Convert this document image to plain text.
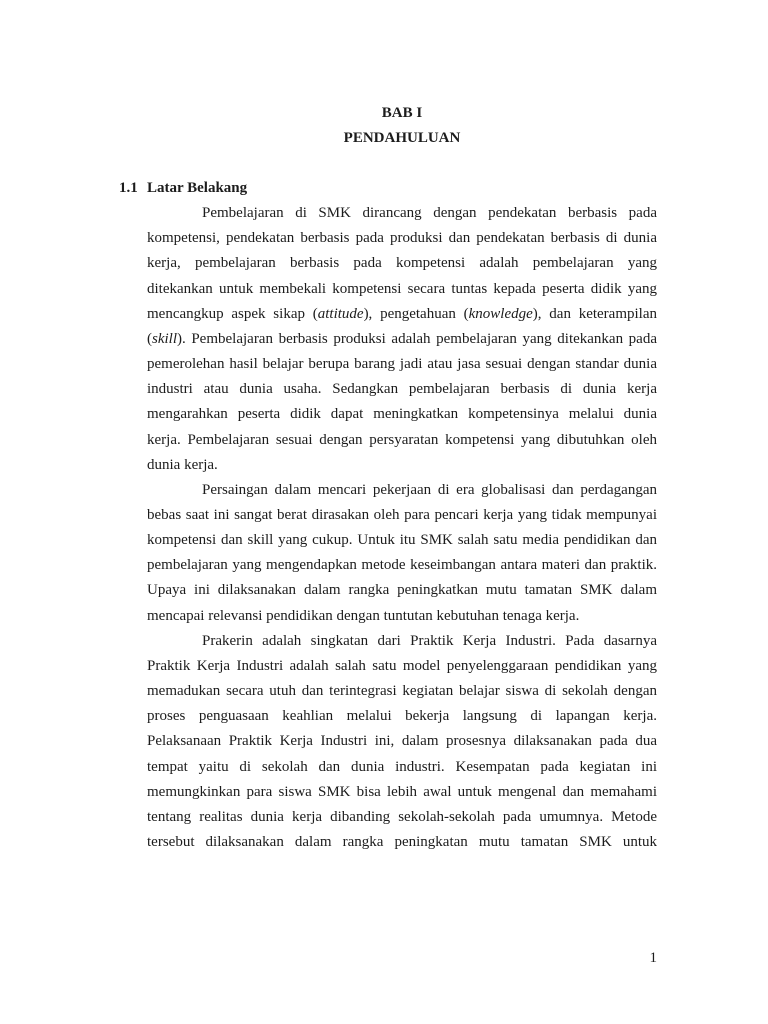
BAB I
PENDAHULUAN
1.1 Latar Belakang
Pembelajaran di SMK dirancang dengan pendekatan berbasis pada
kompetensi, pendekatan berbasis pada produksi dan pendekatan berbasis di dunia
kerja, pembelajaran berbasis pada kompetensi adalah pembelajaran yang
ditekankan untuk membekali kompetensi secara tuntas kepada peserta didik yang
mencangkup aspek sikap (attitude), pengetahuan (knowledge), dan keterampilan
(skill). Pembelajaran berbasis produksi adalah pembelajaran yang ditekankan pada
pemerolehan hasil belajar berupa barang jadi atau jasa sesuai dengan standar dunia
industri atau dunia usaha. Sedangkan pembelajaran berbasis di dunia kerja
mengarahkan peserta didik dapat meningkatkan kompetensinya melalui dunia
kerja. Pembelajaran sesuai dengan persyaratan kompetensi yang dibutuhkan oleh
dunia kerja.
Persaingan dalam mencari pekerjaan di era globalisasi dan perdagangan
bebas saat ini sangat berat dirasakan oleh para pencari kerja yang tidak mempunyai
kompetensi dan skill yang cukup. Untuk itu SMK salah satu media pendidikan dan
pembelajaran yang mengendapkan metode keseimbangan antara materi dan praktik.
Upaya ini dilaksanakan dalam rangka peningkatkan mutu tamatan SMK dalam
mencapai relevansi pendidikan dengan tuntutan kebutuhan tenaga kerja.
Prakerin adalah singkatan dari Praktik Kerja Industri. Pada dasarnya
Praktik Kerja Industri adalah salah satu model penyelenggaraan pendidikan yang
memadukan secara utuh dan terintegrasi kegiatan belajar siswa di sekolah dengan
proses penguasaan keahlian melalui bekerja langsung di lapangan kerja.
Pelaksanaan Praktik Kerja Industri ini, dalam prosesnya dilaksanakan pada dua
tempat yaitu di sekolah dan dunia industri. Kesempatan pada kegiatan ini
memungkinkan para siswa SMK bisa lebih awal untuk mengenal dan memahami
tentang realitas dunia kerja dibanding sekolah-sekolah pada umumnya. Metode
tersebut dilaksanakan dalam rangka peningkatan mutu tamatan SMK untuk
1
